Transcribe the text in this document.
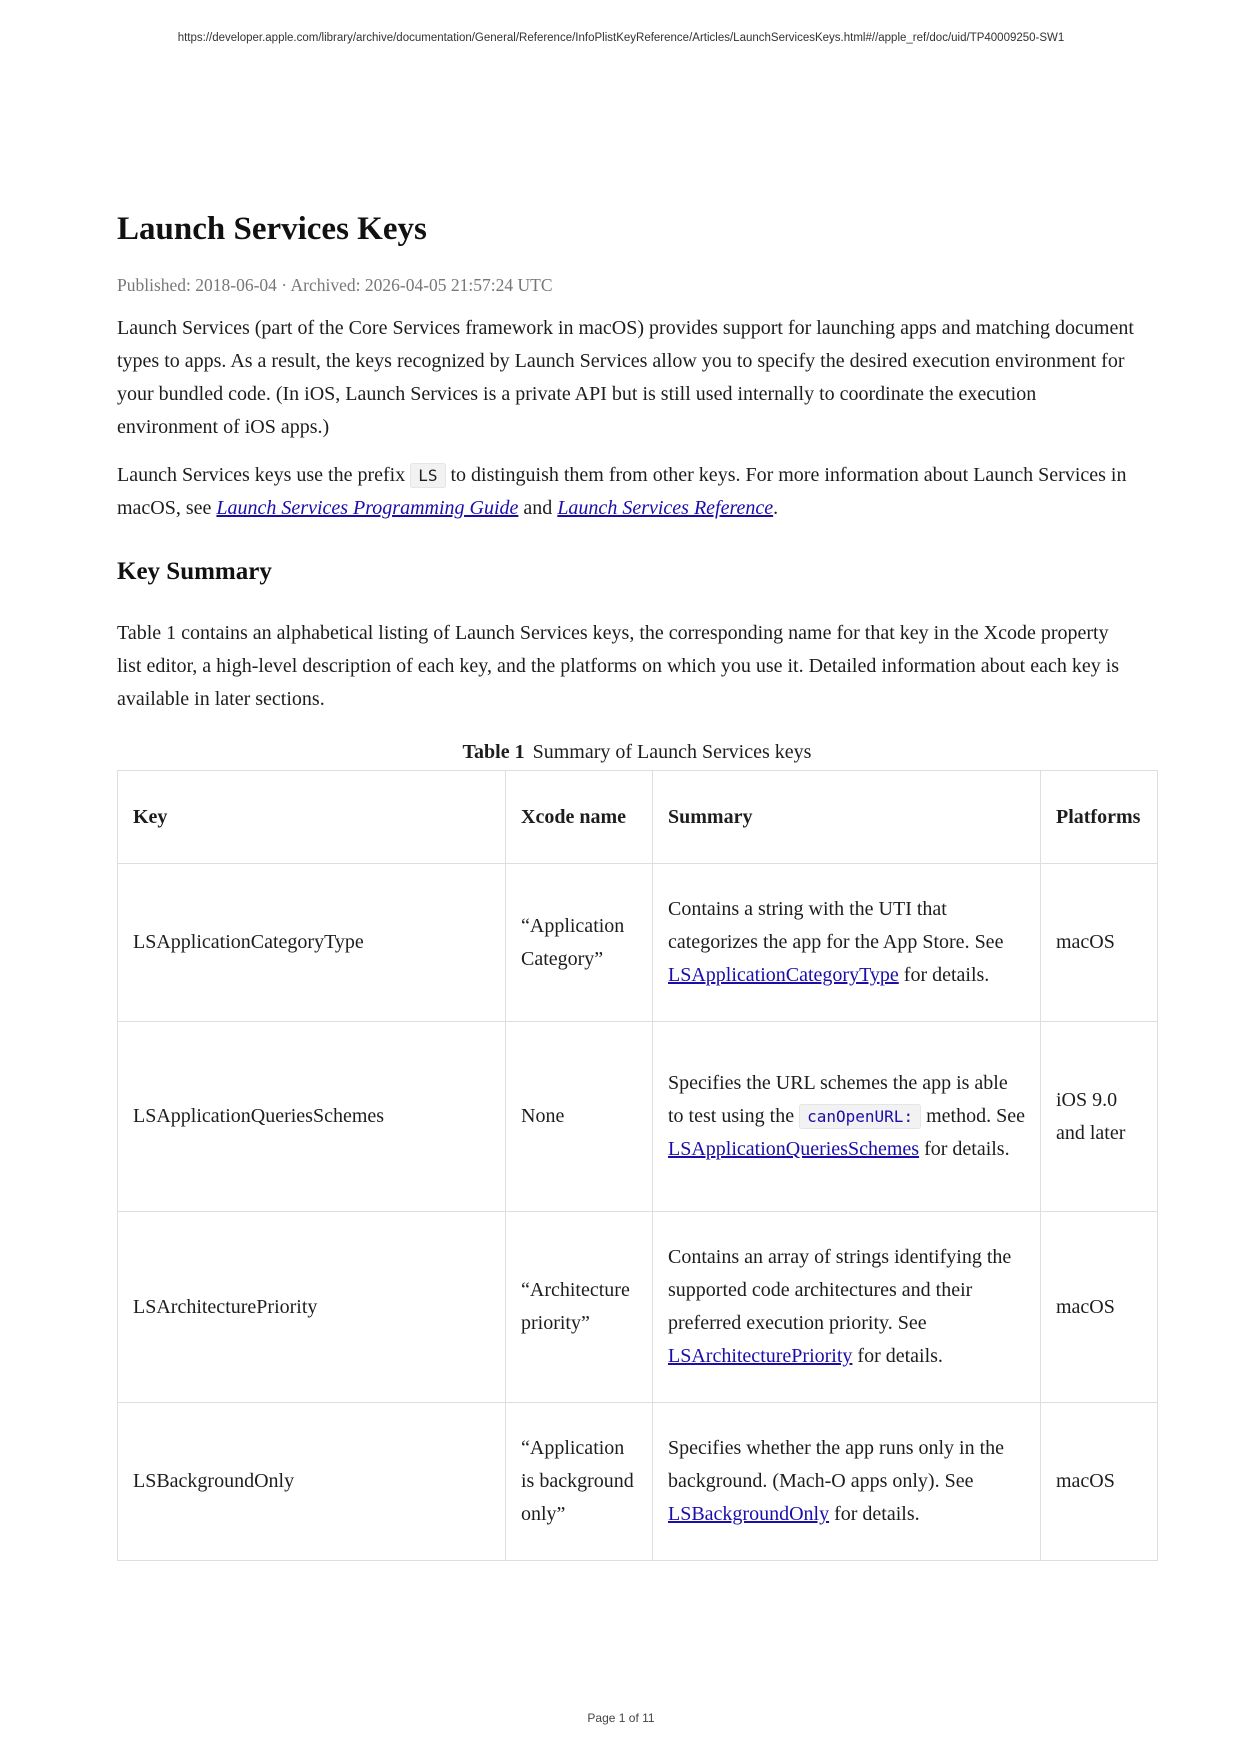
https://developer.apple.com/library/archive/documentation/General/Reference/InfoPlistKeyReference/Articles/LaunchServicesKeys.html#//apple_ref/doc/uid/TP40009250-SW1
Launch Services Keys

Published: 2018-06-04 · Archived: 2026-04-05 21:57:24 UTC

Launch Services (part of the Core Services framework in macOS) provides support for launching apps and matching document types to apps. As a result, the keys recognized by Launch Services allow you to specify the desired execution environment for your bundled code. (In iOS, Launch Services is a private API but is still used internally to coordinate the execution environment of iOS apps.)

Launch Services keys use the prefix LS to distinguish them from other keys. For more information about Launch Services in macOS, see Launch Services Programming Guide and Launch Services Reference.

Key Summary

Table 1 contains an alphabetical listing of Launch Services keys, the corresponding name for that key in the Xcode property list editor, a high-level description of each key, and the platforms on which you use it. Detailed information about each key is available in later sections.

Table 1 Summary of Launch Services keys
Key	Xcode name	Summary	Platforms
LSApplicationCategoryType	“Application Category”	Contains a string with the UTI that categorizes the app for the App Store. See LSApplicationCategoryType for details.	macOS
LSApplicationQueriesSchemes	None	Specifies the URL schemes the app is able to test using the canOpenURL: method. See LSApplicationQueriesSchemes for details.	iOS 9.0 and later
LSArchitecturePriority	“Architecture priority”	Contains an array of strings identifying the supported code architectures and their preferred execution priority. See LSArchitecturePriority for details.	macOS
LSBackgroundOnly	“Application is background only”	Specifies whether the app runs only in the background. (Mach-O apps only). See LSBackgroundOnly for details.	macOS
Page 1 of 11
